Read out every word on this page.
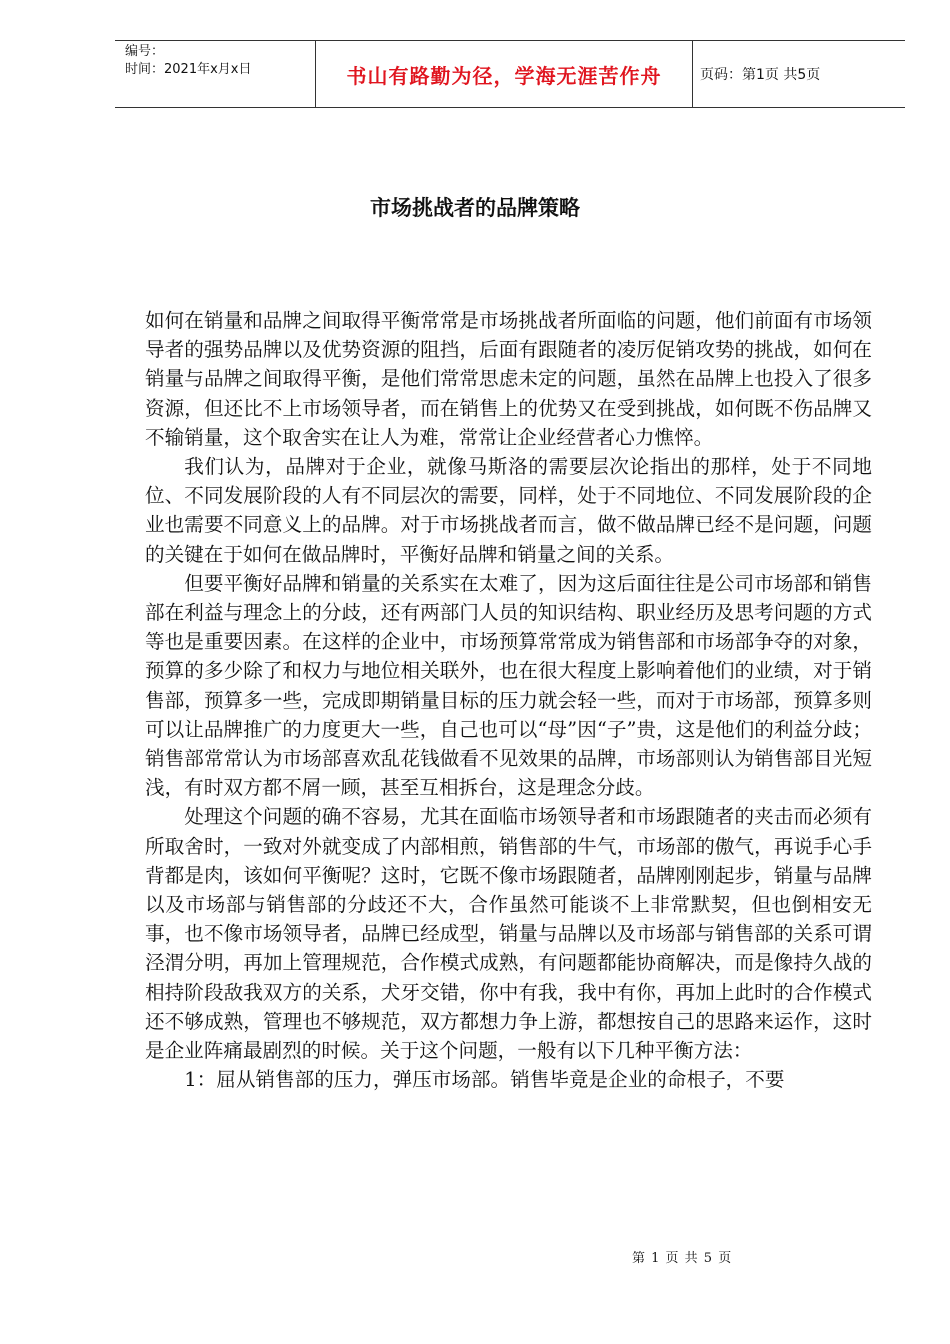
编号：
时间：2021年x月x日	书山有路勤为径，学海无涯苦作舟	页码：第1页 共5页
市场挑战者的品牌策略

如何在销量和品牌之间取得平衡常常是市场挑战者所面临的问题，他们前面有市场领导者的强势品牌以及优势资源的阻挡，后面有跟随者的凌厉促销攻势的挑战，如何在销量与品牌之间取得平衡，是他们常常思虑未定的问题，虽然在品牌上也投入了很多资源，但还比不上市场领导者，而在销售上的优势又在受到挑战，如何既不伤品牌又不输销量，这个取舍实在让人为难，常常让企业经营者心力憔悴。

我们认为，品牌对于企业，就像马斯洛的需要层次论指出的那样，处于不同地位、不同发展阶段的人有不同层次的需要，同样，处于不同地位、不同发展阶段的企业也需要不同意义上的品牌。对于市场挑战者而言，做不做品牌已经不是问题，问题的关键在于如何在做品牌时，平衡好品牌和销量之间的关系。

但要平衡好品牌和销量的关系实在太难了，因为这后面往往是公司市场部和销售部在利益与理念上的分歧，还有两部门人员的知识结构、职业经历及思考问题的方式等也是重要因素。在这样的企业中，市场预算常常成为销售部和市场部争夺的对象，预算的多少除了和权力与地位相关联外，也在很大程度上影响着他们的业绩，对于销售部，预算多一些，完成即期销量目标的压力就会轻一些，而对于市场部，预算多则可以让品牌推广的力度更大一些，自己也可以“母”因“子”贵，这是他们的利益分歧；销售部常常认为市场部喜欢乱花钱做看不见效果的品牌，市场部则认为销售部目光短浅，有时双方都不屑一顾，甚至互相拆台，这是理念分歧。

处理这个问题的确不容易，尤其在面临市场领导者和市场跟随者的夹击而必须有所取舍时，一致对外就变成了内部相煎，销售部的牛气，市场部的傲气，再说手心手背都是肉，该如何平衡呢？这时，它既不像市场跟随者，品牌刚刚起步，销量与品牌以及市场部与销售部的分歧还不大，合作虽然可能谈不上非常默契，但也倒相安无事，也不像市场领导者，品牌已经成型，销量与品牌以及市场部与销售部的关系可谓泾渭分明，再加上管理规范，合作模式成熟，有问题都能协商解决，而是像持久战的相持阶段敌我双方的关系，犬牙交错，你中有我，我中有你，再加上此时的合作模式还不够成熟，管理也不够规范，双方都想力争上游，都想按自己的思路来运作，这时是企业阵痛最剧烈的时候。关于这个问题，一般有以下几种平衡方法：

1：屈从销售部的压力，弹压市场部。销售毕竟是企业的命根子，不要

第 1 页 共 5 页
